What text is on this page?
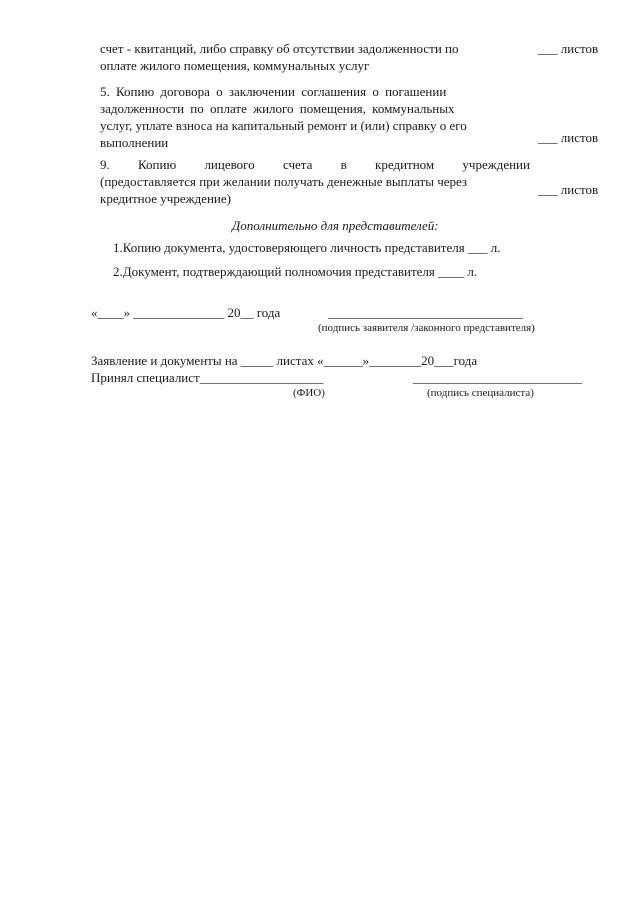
счет - квитанций, либо справку об отсутствии задолженности по
оплате жилого помещения, коммунальных услуг
___ листов
5. Копию договора о заключении соглашения о погашении
задолженности по оплате жилого помещения, коммунальных
услуг, уплате взноса на капитальный ремонт и (или) справку о его
выполнении	___ листов
9. Копию лицевого счета в кредитном учреждении
(предоставляется при желании получать денежные выплаты через
кредитное учреждение)
___ листов
Дополнительно для представителей:
1.Копию документа, удостоверяющего личность представителя ___ л.
2.Документ, подтверждающий полномочия представителя ____ л.
«____» ______________ 20__ года	______________________________
(подпись заявителя /законного представителя)
Заявление и документы на _____ листах «______»________20___года
Принял специалист___________________	__________________________
(ФИО)	(подпись специалиста)
